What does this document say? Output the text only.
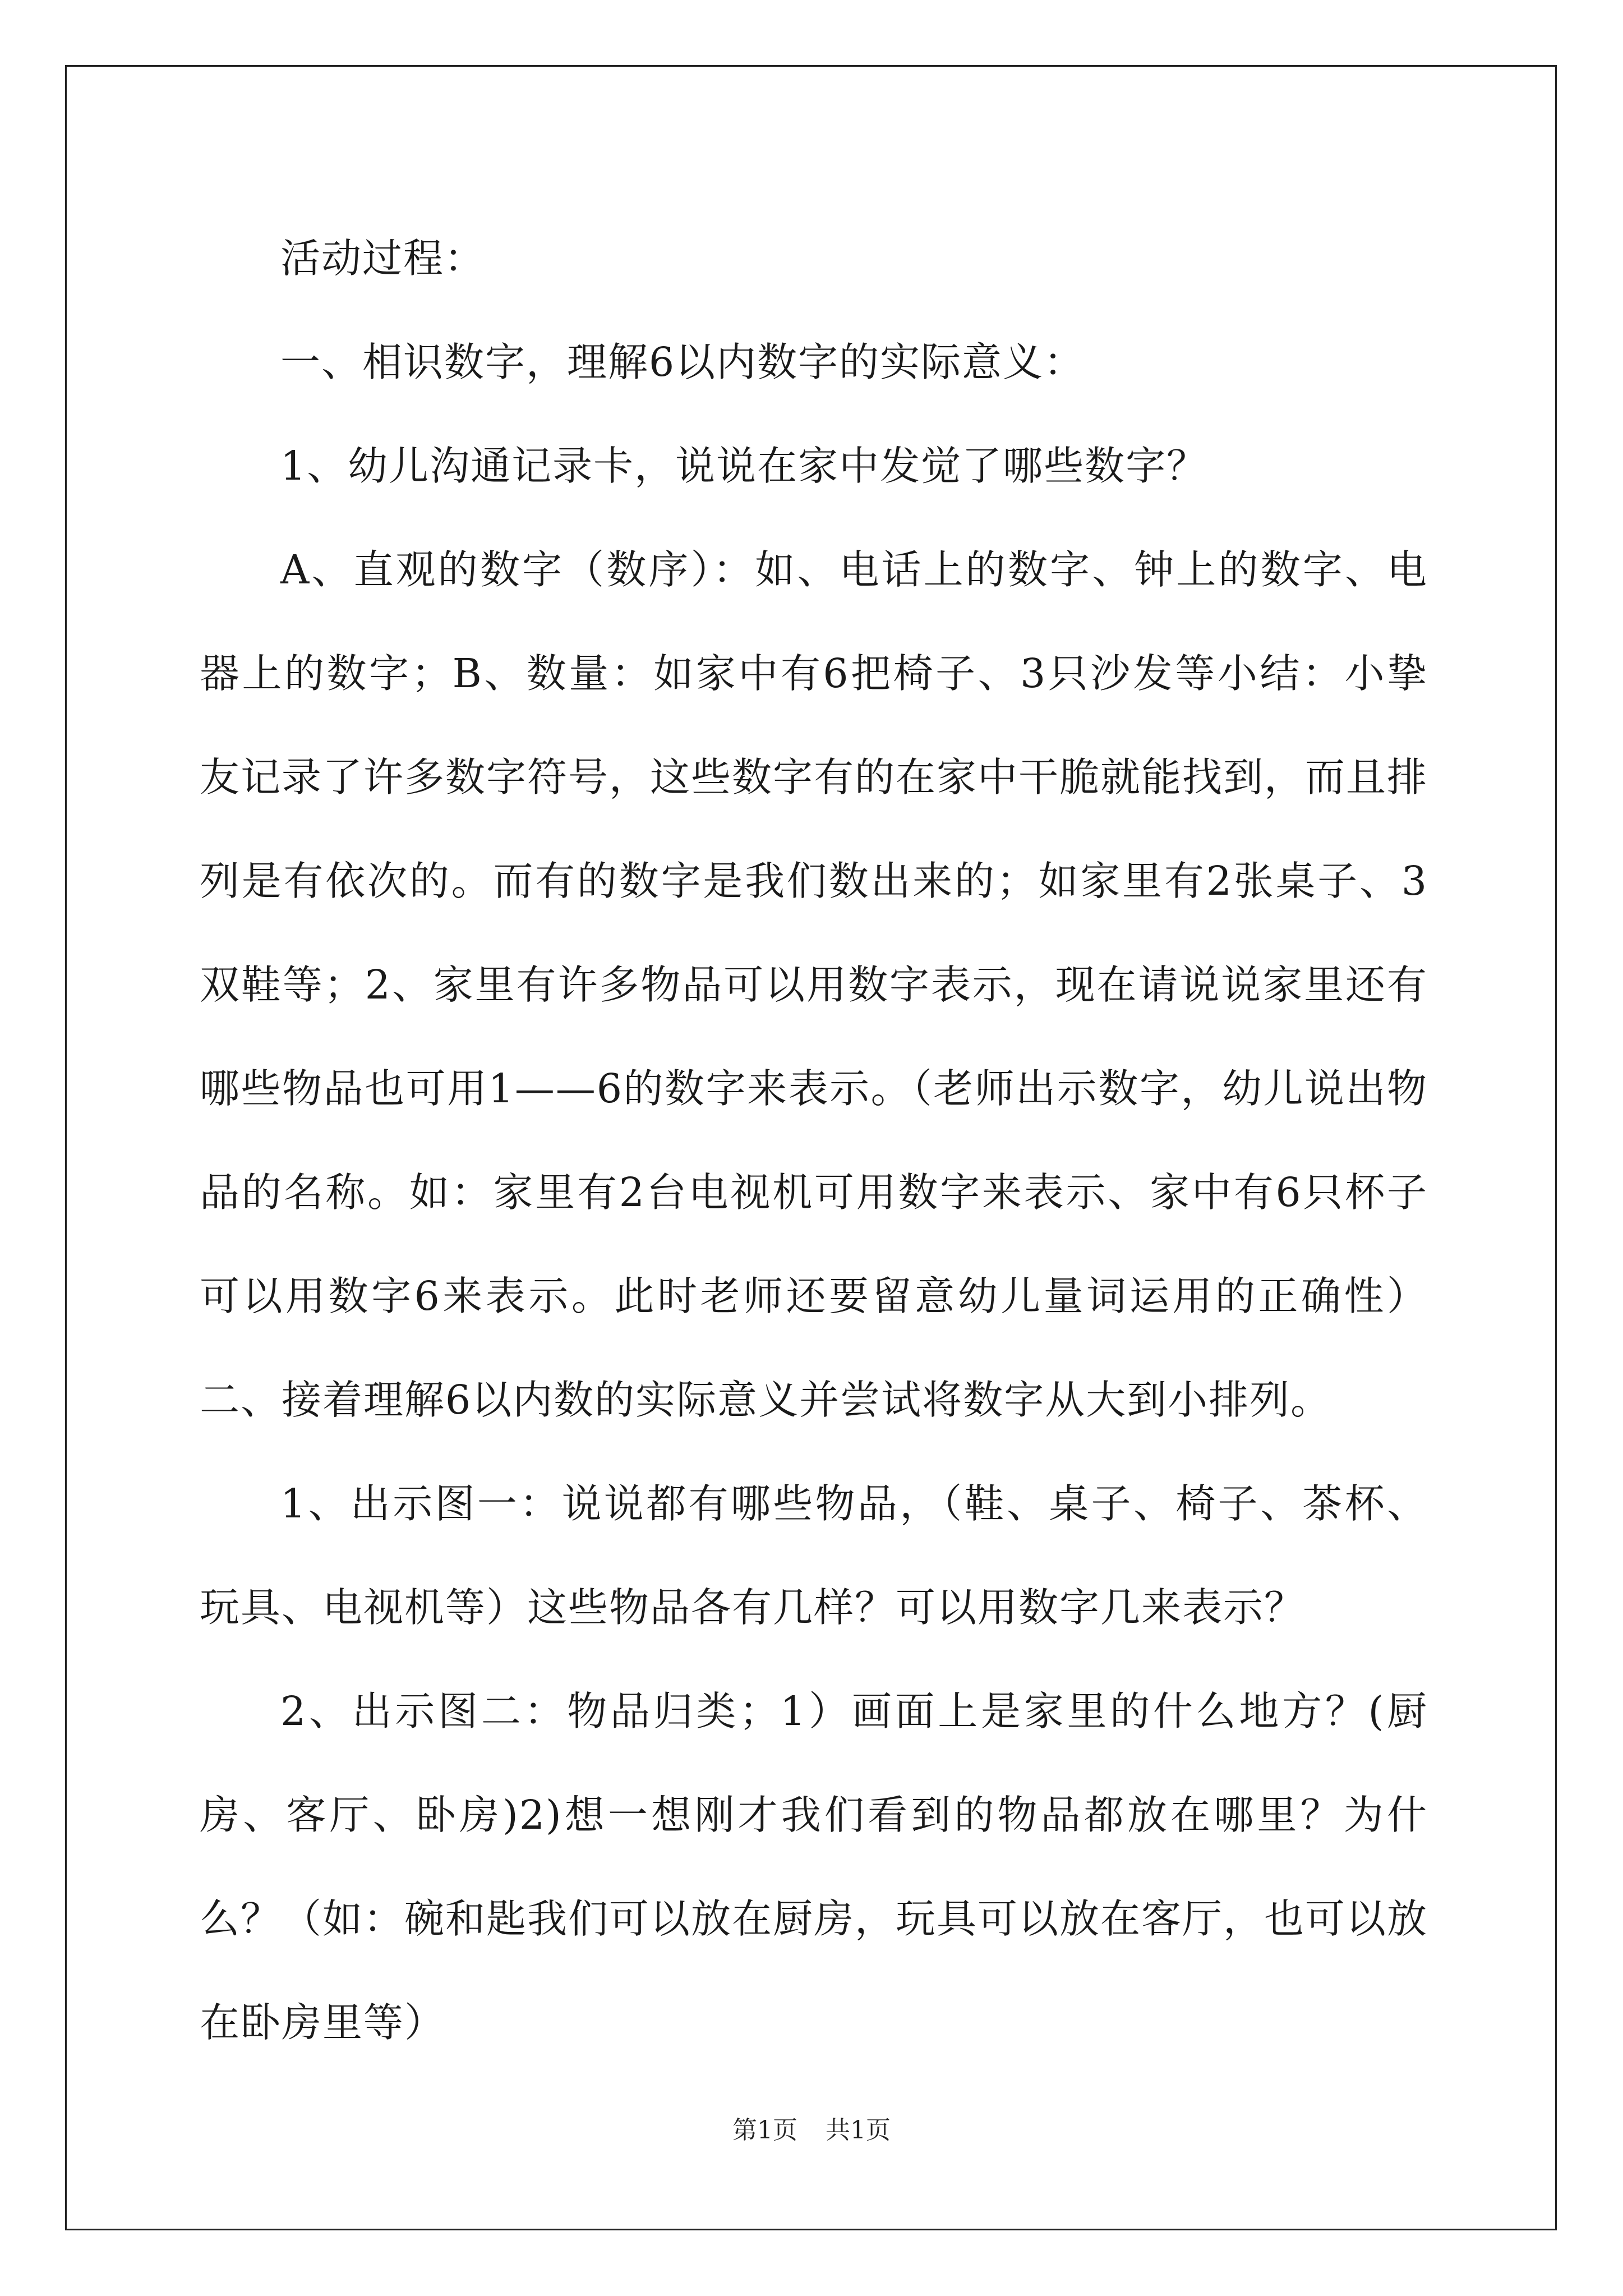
活动过程：

一、相识数字，理解6以内数字的实际意义：

1、幼儿沟通记录卡，说说在家中发觉了哪些数字？

A、直观的数字（数序）：如、电话上的数字、钟上的数字、电器上的数字；B、数量：如家中有6把椅子、3只沙发等小结：小挚友记录了许多数字符号，这些数字有的在家中干脆就能找到，而且排列是有依次的。而有的数字是我们数出来的；如家里有2张桌子、3双鞋等；2、家里有许多物品可以用数字表示，现在请说说家里还有哪些物品也可用1——6的数字来表示。（老师出示数字，幼儿说出物品的名称。如：家里有2台电视机可用数字来表示、家中有6只杯子可以用数字6来表示。此时老师还要留意幼儿量词运用的正确性）二、接着理解6以内数的实际意义并尝试将数字从大到小排列。

1、出示图一：说说都有哪些物品，（鞋、桌子、椅子、茶杯、玩具、电视机等）这些物品各有几样？可以用数字几来表示？

2、出示图二：物品归类；1）画面上是家里的什么地方？(厨房、客厅、卧房)2)想一想刚才我们看到的物品都放在哪里？为什么？（如：碗和匙我们可以放在厨房，玩具可以放在客厅，也可以放在卧房里等）

第1页 共1页
